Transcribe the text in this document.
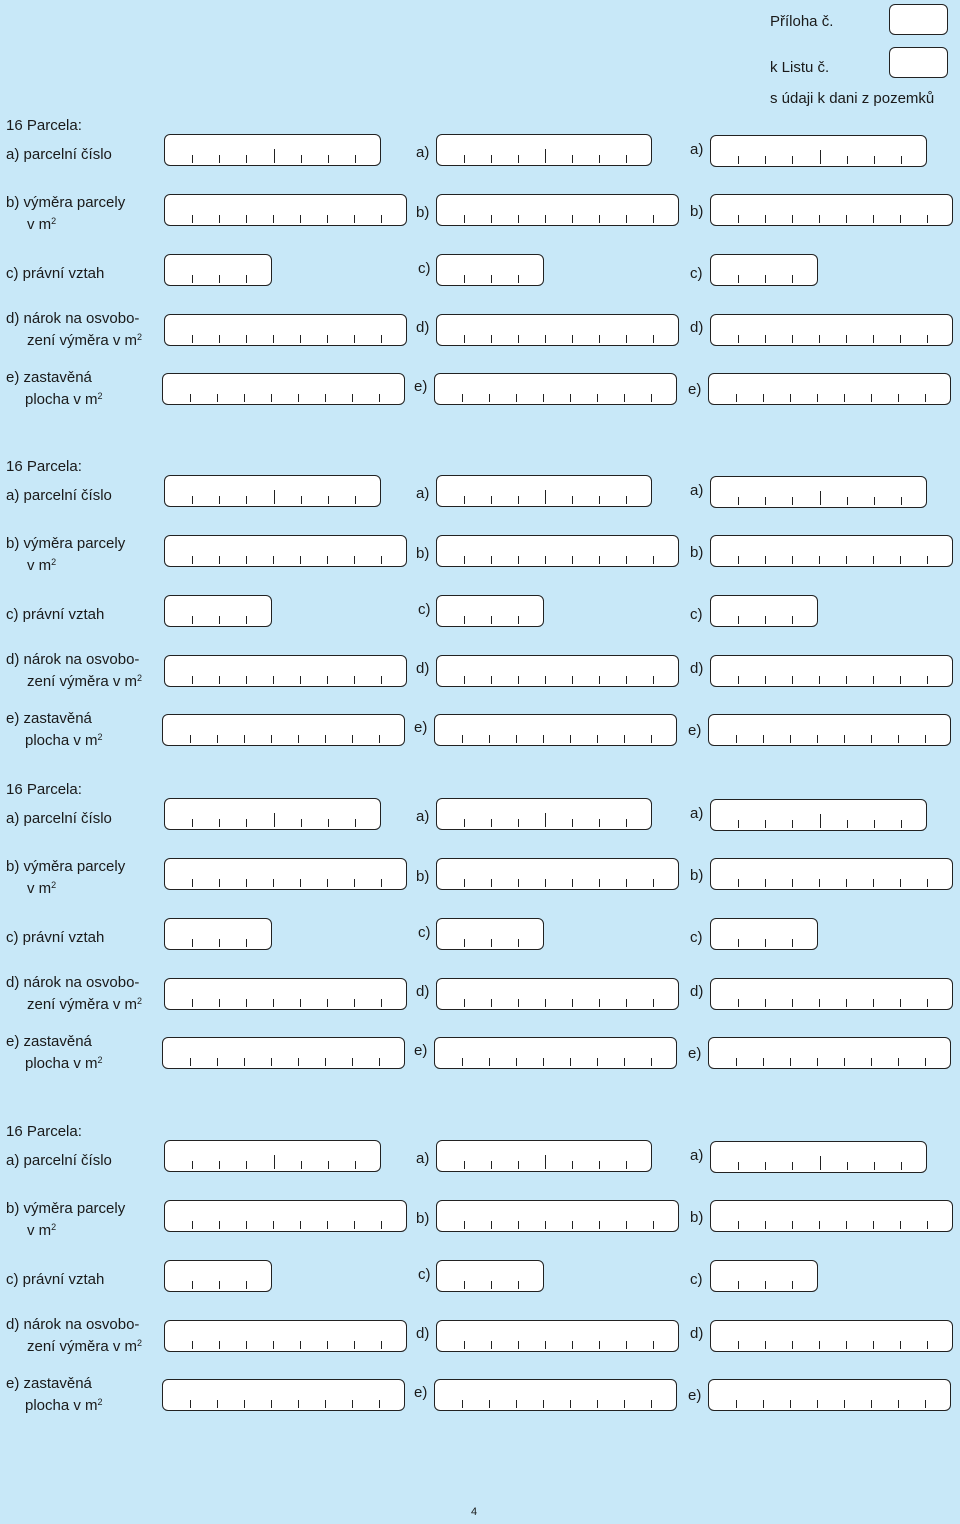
Příloha č.
k Listu č.
s údaji k dani z pozemků
16 Parcela:
a) parcelní číslo
b) výměra parcely
v $m^2$
c) právní vztah
d) nárok na osvobo-
zení výměra v $m^2$
e) zastavěná
plocha v $m^2$
a)
b)
c)
d)
e)
a)
b)
c)
d)
e)
16 Parcela:
a) parcelní číslo
b) výměra parcely
v $m^2$
c) právní vztah
d) nárok na osvobo-
zení výměra v $m^2$
e) zastavěná
plocha v $m^2$
a)
b)
c)
d)
e)
a)
b)
c)
d)
e)
16 Parcela:
a) parcelní číslo
b) výměra parcely
v $m^2$
c) právní vztah
d) nárok na osvobo-
zení výměra v $m^2$
e) zastavěná
plocha v $m^2$
a)
b)
c)
d)
e)
a)
b)
c)
d)
e)
16 Parcela:
a) parcelní číslo
b) výměra parcely
v $m^2$
c) právní vztah
d) nárok na osvobo-
zení výměra v $m^2$
e) zastavěná
plocha v $m^2$
a)
b)
c)
d)
e)
a)
b)
c)
d)
e)
4
